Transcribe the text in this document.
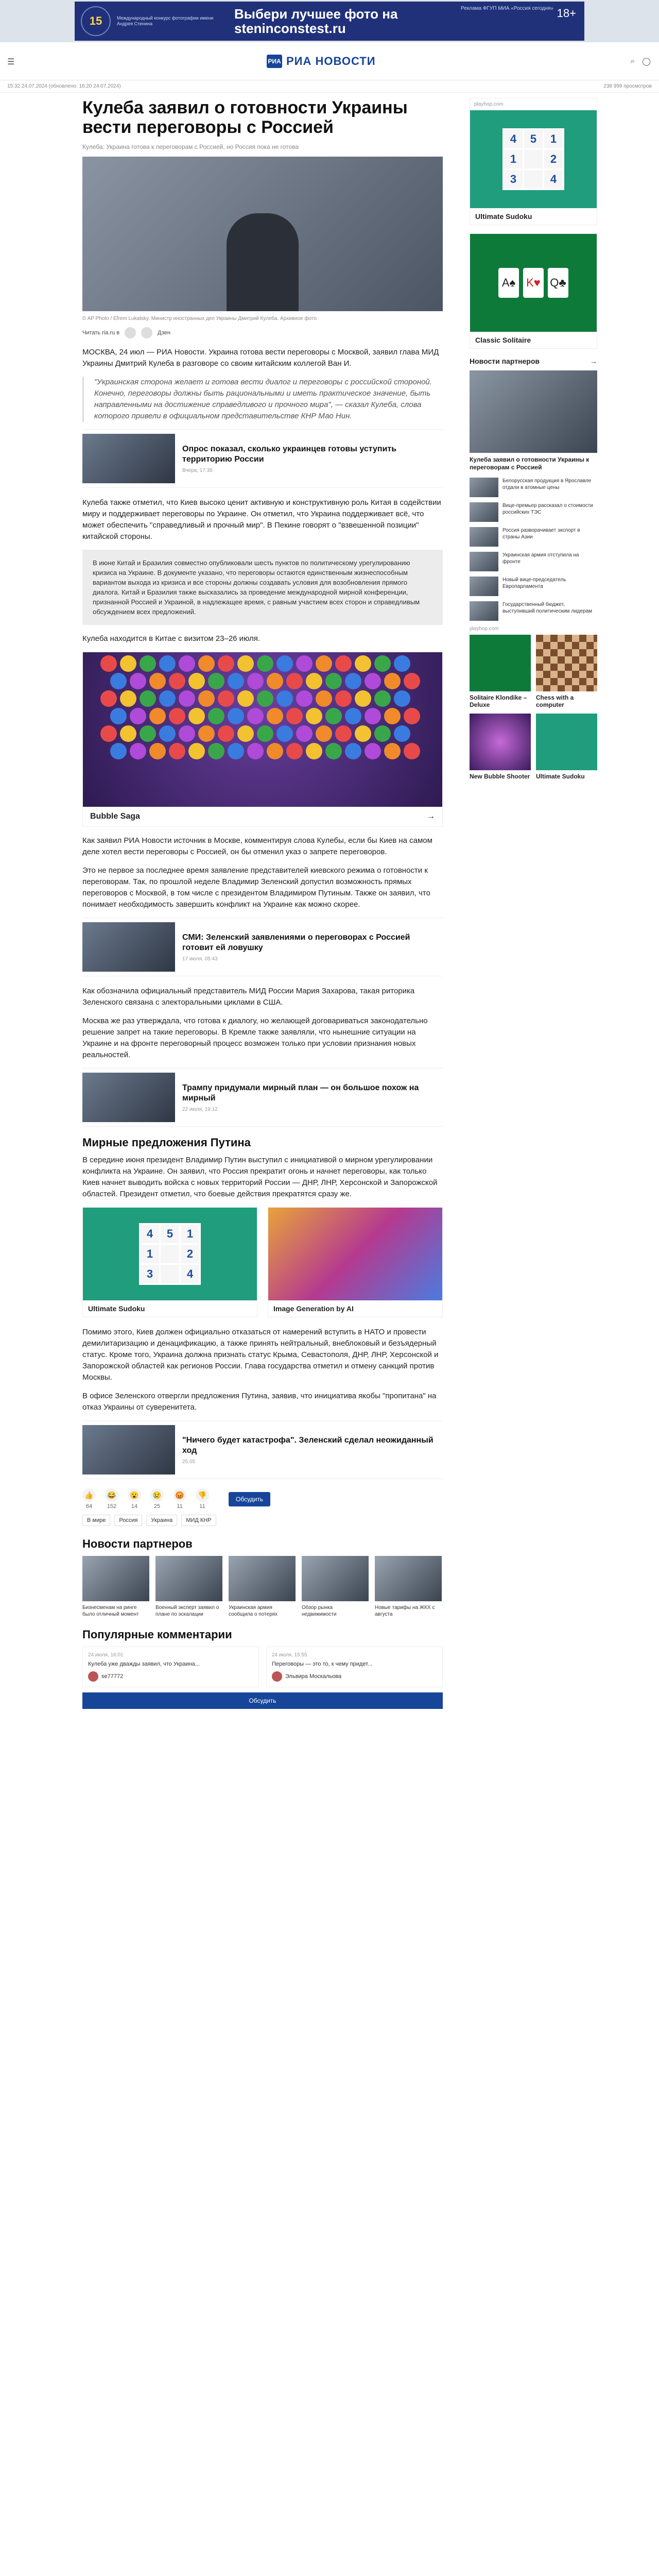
15	Международный конкурс фотографии имени Андрея Стенина
Выбери лучшее фото на steninconstest.ru
Реклама ФГУП МИА «Россия сегодня» 18+
☰	РИА РИА НОВОСТИ	⌕ ◯
15:32 24.07.2024 (обновлено: 16:20 24.07.2024)	238 999 просмотров
Кулеба заявил о готовности Украины вести переговоры с Россией
Кулеба: Украина готова к переговорам с Россией, но Россия пока не готова
© AP Photo / Efrem Lukatsky. Министр иностранных дел Украины Дмитрий Кулеба. Архивное фото
Читать ria.ru в	Дзен

МОСКВА, 24 июл — РИА Новости. Украина готова вести переговоры с Москвой, заявил глава МИД Украины Дмитрий Кулеба в разговоре со своим китайским коллегой Ван И.

"Украинская сторона желает и готова вести диалог и переговоры с российской стороной. Конечно, переговоры должны быть рациональными и иметь практическое значение, быть направленными на достижение справедливого и прочного мира", — сказал Кулеба, слова которого привели в официальном представительстве КНР Мао Нин.
Опрос показал, сколько украинцев готовы уступить территорию России
Вчера, 17:35

Кулеба также отметил, что Киев высоко ценит активную и конструктивную роль Китая в содействии миру и поддерживает переговоры по Украине. Он отметил, что Украина поддерживает всё, что может обеспечить "справедливый и прочный мир". В Пекине говорят о "взвешенной позиции" китайской стороны.

В июне Китай и Бразилия совместно опубликовали шесть пунктов по политическому урегулированию кризиса на Украине. В документе указано, что переговоры остаются единственным жизнеспособным вариантом выхода из кризиса и все стороны должны создавать условия для возобновления прямого диалога. Китай и Бразилия также высказались за проведение международной мирной конференции, признанной Россией и Украиной, в надлежащее время, с равным участием всех сторон и справедливым обсуждением всех предложений.

Кулеба находится в Китае с визитом 23–26 июля.

Bubble Saga	→

Как заявил РИА Новости источник в Москве, комментируя слова Кулебы, если бы Киев на самом деле хотел вести переговоры с Россией, он бы отменил указ о запрете переговоров.

Это не первое за последнее время заявление представителей киевского режима о готовности к переговорам. Так, по прошлой неделе Владимир Зеленский допустил возможность прямых переговоров с Москвой, в том числе с президентом Владимиром Путиным. Также он заявил, что понимает необходимость завершить конфликт на Украине как можно скорее.

СМИ: Зеленский заявлениями о переговорах с Россией готовит ей ловушку
17 июля, 05:43

Как обозначила официальный представитель МИД России Мария Захарова, такая риторика Зеленского связана с электоральными циклами в США.

Москва же раз утверждала, что готова к диалогу, но желающей договариваться законодательно решение запрет на такие переговоры. В Кремле также заявляли, что нынешние ситуации на Украине и на фронте переговорный процесс возможен только при условии признания новых реальностей.

Трампу придумали мирный план — он большое похож на мирный
22 июля, 19:12
Мирные предложения Путина

В середине июня президент Владимир Путин выступил с инициативой о мирном урегулировании конфликта на Украине. Он заявил, что Россия прекратит огонь и начнет переговоры, как только Киев начнет выводить войска с новых территорий России — ДНР, ЛНР, Херсонской и Запорожской областей. Президент отметил, что боевые действия прекратятся сразу же.

4	5	1
1	2
3	4
Ultimate Sudoku	Image Generation by AI

Помимо этого, Киев должен официально отказаться от намерений вступить в НАТО и провести демилитаризацию и денацификацию, а также принять нейтральный, внеблоковый и безъядерный статус. Кроме того, Украина должна признать статус Крыма, Севастополя, ДНР, ЛНР, Херсонской и Запорожской областей как регионов России. Глава государства отметил и отмену санкций против Москвы.

В офисе Зеленского отвергли предложения Путина, заявив, что инициатива якобы "пропитана" на отказ Украины от суверенитета.

"Ничего будет катастрофа". Зеленский сделал неожиданный ход
25.05
👍
64
😂
152
😮
14
😢
25
😡
11
👎
11
Обсудить
В мире	Россия	Украина	МИД КНР
Новости партнеров
Бизнесменам на ринге было отличный момент
Военный эксперт заявил о плане по эскалации
Украинская армия сообщила о потерях
Обзор рынка недвижимости
Новые тарифы на ЖКХ с августа
Популярные комментарии
24 июля, 16:01
Кулеба уже дважды заявил, что Украина...
se77772
24 июля, 15:55
Переговоры — это то, к чему придет...
Эльвира Москальова
Обсудить
playhop.com
4	5	1
1	2
3	4
Ultimate Sudoku
A♠ K♥ Q♣
Classic Solitaire
Новости партнеров	→
Кулеба заявил о готовности Украины к переговорам с Россией
Белорусская продукция в Ярославле отдали в атомные цены
Вице-премьер рассказал о стоимости российских ТЭС
Россия разворачивает экспорт в страны Азии
Украинская армия отступила на фронте
Новый вице-председатель Европарламента
Государственный бюджет, выступивший политическим лидерам
playhop.com
Solitaire Klondike – Deluxe
Chess with a computer
New Bubble Shooter Ultimate Sudoku
